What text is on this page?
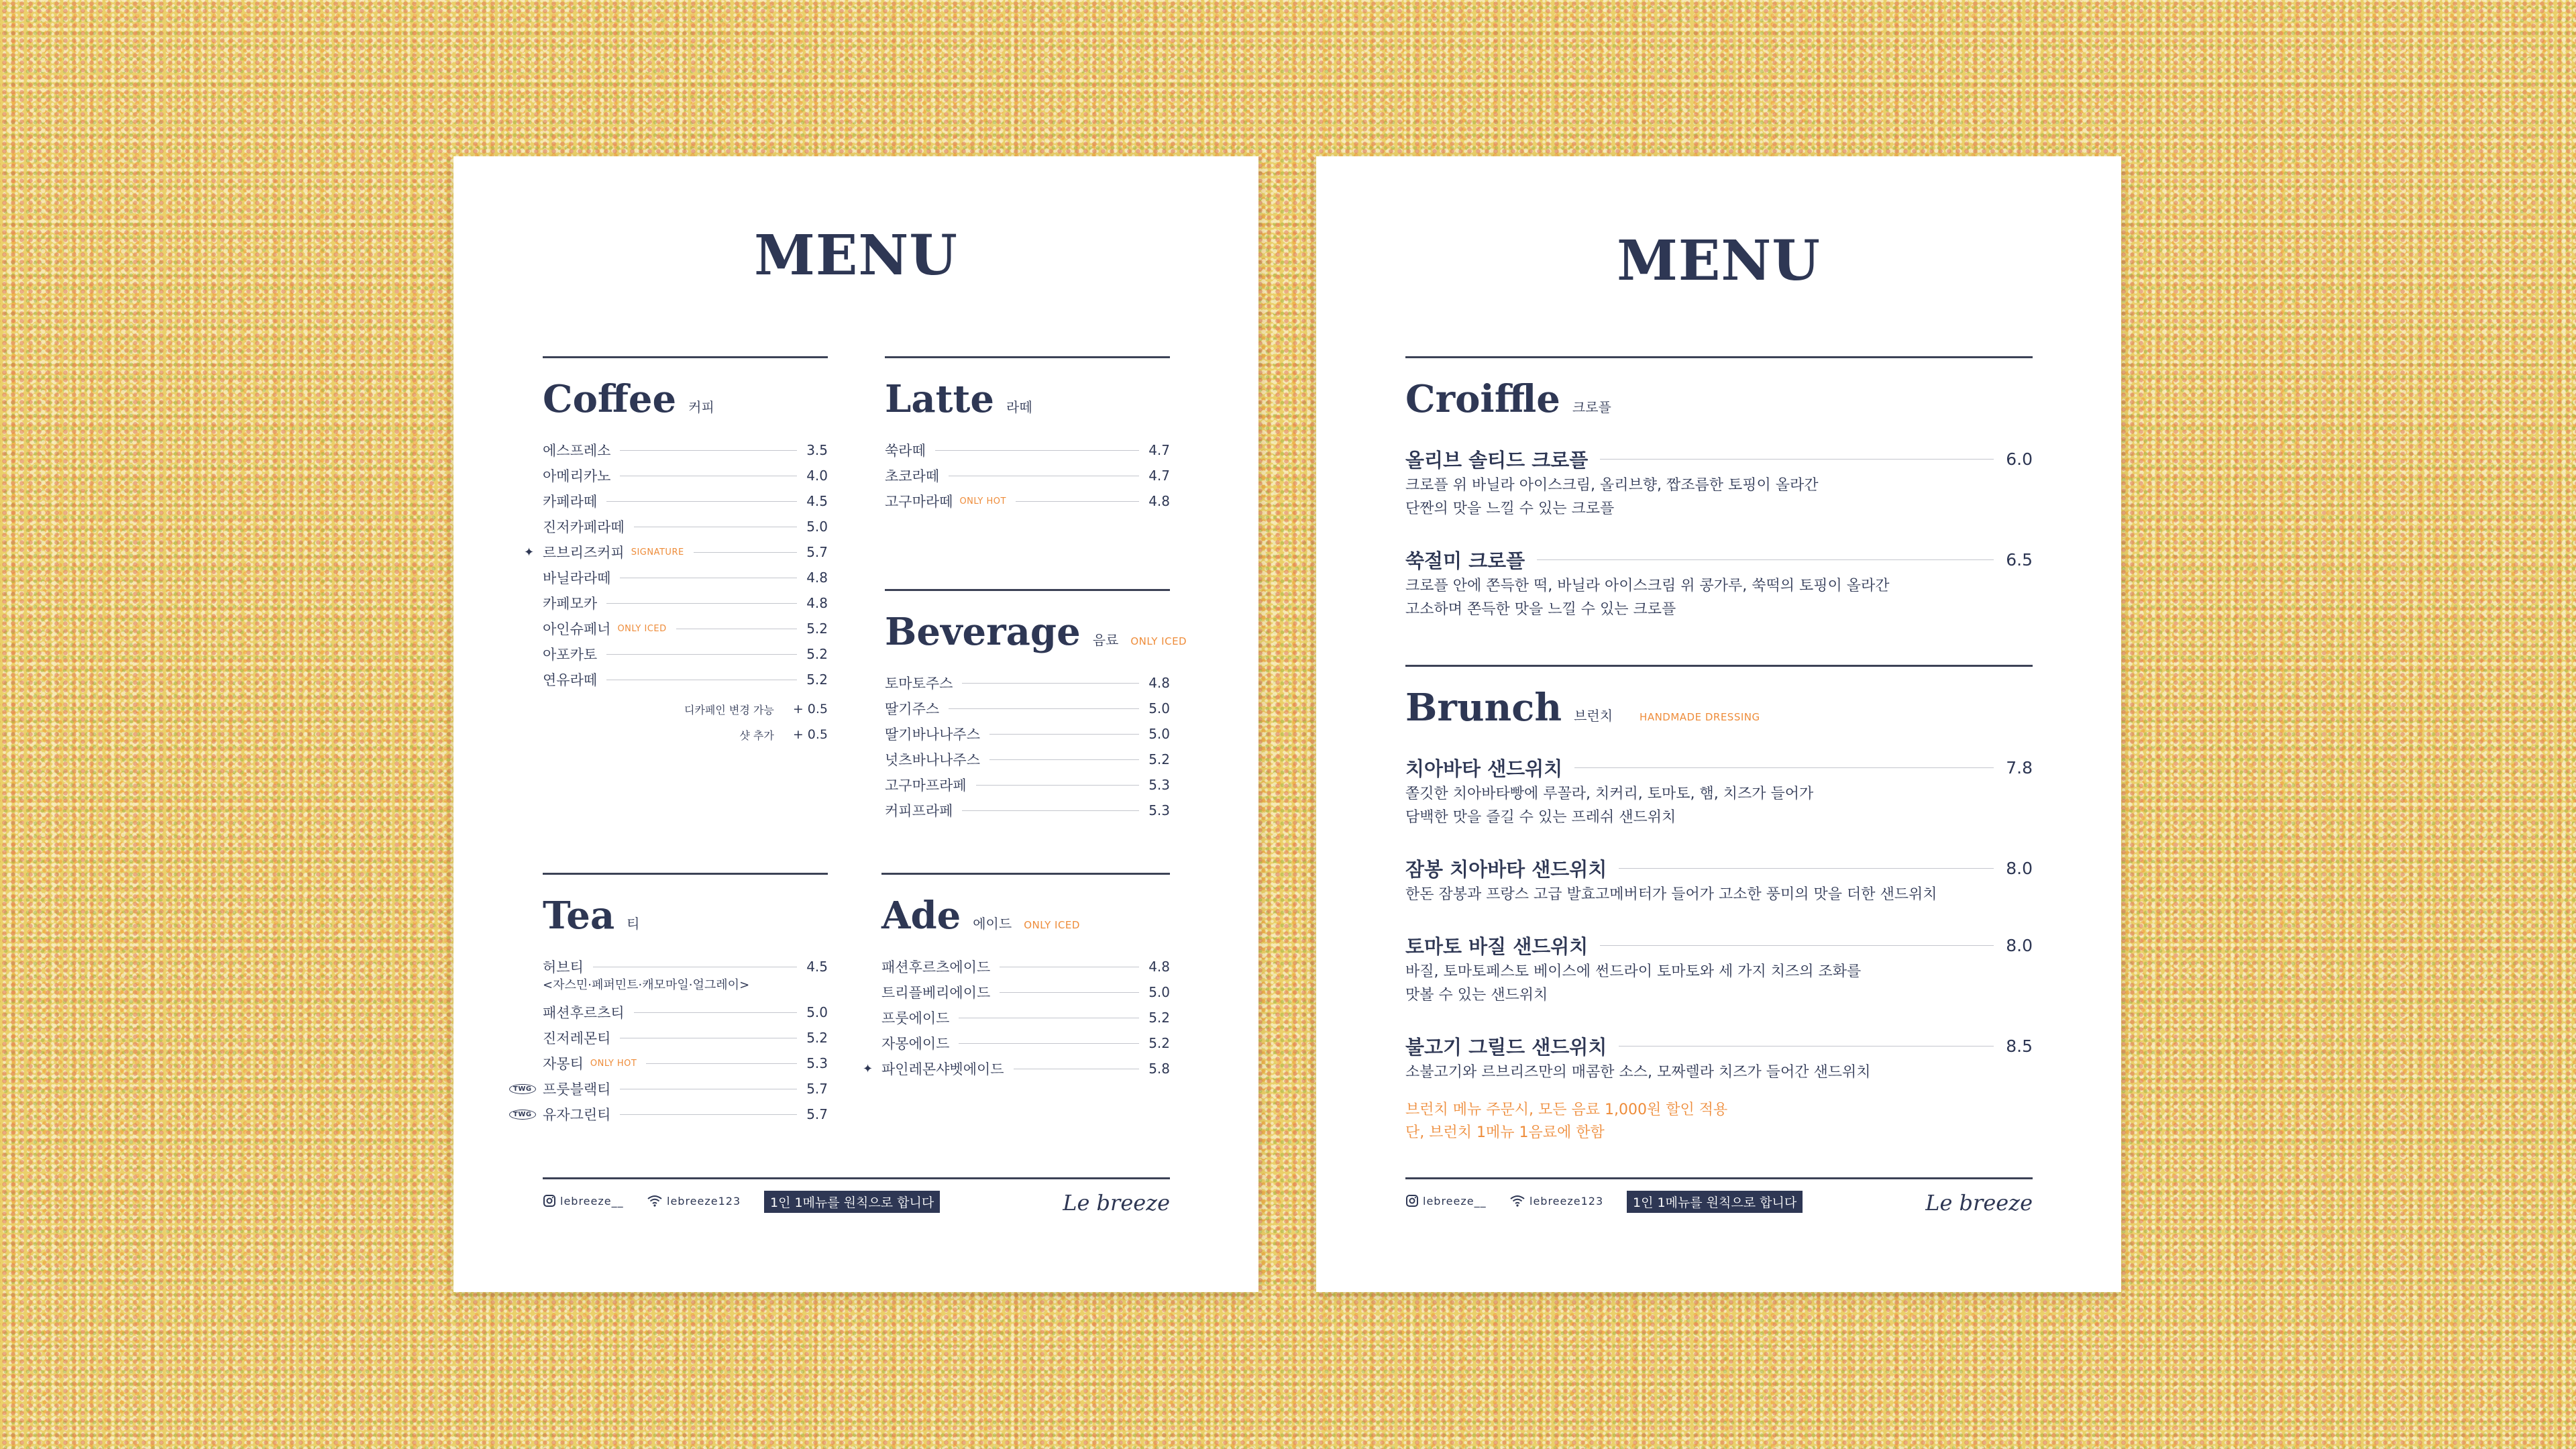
MENU
Coffee 커피
에스프레소	3.5
아메리카노	4.0
카페라떼	4.5
진저카페라떼	5.0
✦ 르브리즈커피 SIGNATURE	5.7
바닐라라떼	4.8
카페모카	4.8
아인슈페너 ONLY ICED	5.2
아포카토	5.2
연유라떼	5.2
디카페인 변경 가능 + 0.5
샷 추가 + 0.5
Latte 라떼
쑥라떼	4.7
초코라떼	4.7
고구마라떼 ONLY HOT	4.8
Beverage 음료 ONLY ICED
토마토주스	4.8
딸기주스	5.0
딸기바나나주스	5.0
넛츠바나나주스	5.2
고구마프라페	5.3
커피프라페	5.3
Tea 티
허브티	4.5
<자스민·페퍼민트·캐모마일·얼그레이>
패션후르츠티	5.0
진저레몬티	5.2
자몽티 ONLY HOT	5.3
TWG 프룻블랙티	5.7
TWG 유자그린티	5.7
Ade 에이드 ONLY ICED
패션후르츠에이드	4.8
트리플베리에이드	5.0
프룻에이드	5.2
자몽에이드	5.2
✦ 파인레몬샤벳에이드	5.8
lebreeze__	lebreeze123	1인 1메뉴를 원칙으로 합니다	Le breeze
MENU
Croiffle 크로플
올리브 솔티드 크로플	6.0
크로플 위 바닐라 아이스크림, 올리브향, 짭조름한 토핑이 올라간
단짠의 맛을 느낄 수 있는 크로플
쑥절미 크로플	6.5
크로플 안에 쫀득한 떡, 바닐라 아이스크림 위 콩가루, 쑥떡의 토핑이 올라간
고소하며 쫀득한 맛을 느낄 수 있는 크로플
Brunch 브런치	HANDMADE DRESSING
치아바타 샌드위치	7.8
쫄깃한 치아바타빵에 루꼴라, 치커리, 토마토, 햄, 치즈가 들어가
담백한 맛을 즐길 수 있는 프레쉬 샌드위치
잠봉 치아바타 샌드위치	8.0
한돈 잠봉과 프랑스 고급 발효고메버터가 들어가 고소한 풍미의 맛을 더한 샌드위치
토마토 바질 샌드위치	8.0
바질, 토마토페스토 베이스에 썬드라이 토마토와 세 가지 치즈의 조화를
맛볼 수 있는 샌드위치
불고기 그릴드 샌드위치	8.5
소불고기와 르브리즈만의 매콤한 소스, 모짜렐라 치즈가 들어간 샌드위치
브런치 메뉴 주문시, 모든 음료 1,000원 할인 적용
단, 브런치 1메뉴 1음료에 한함
lebreeze__	lebreeze123	1인 1메뉴를 원칙으로 합니다	Le breeze
